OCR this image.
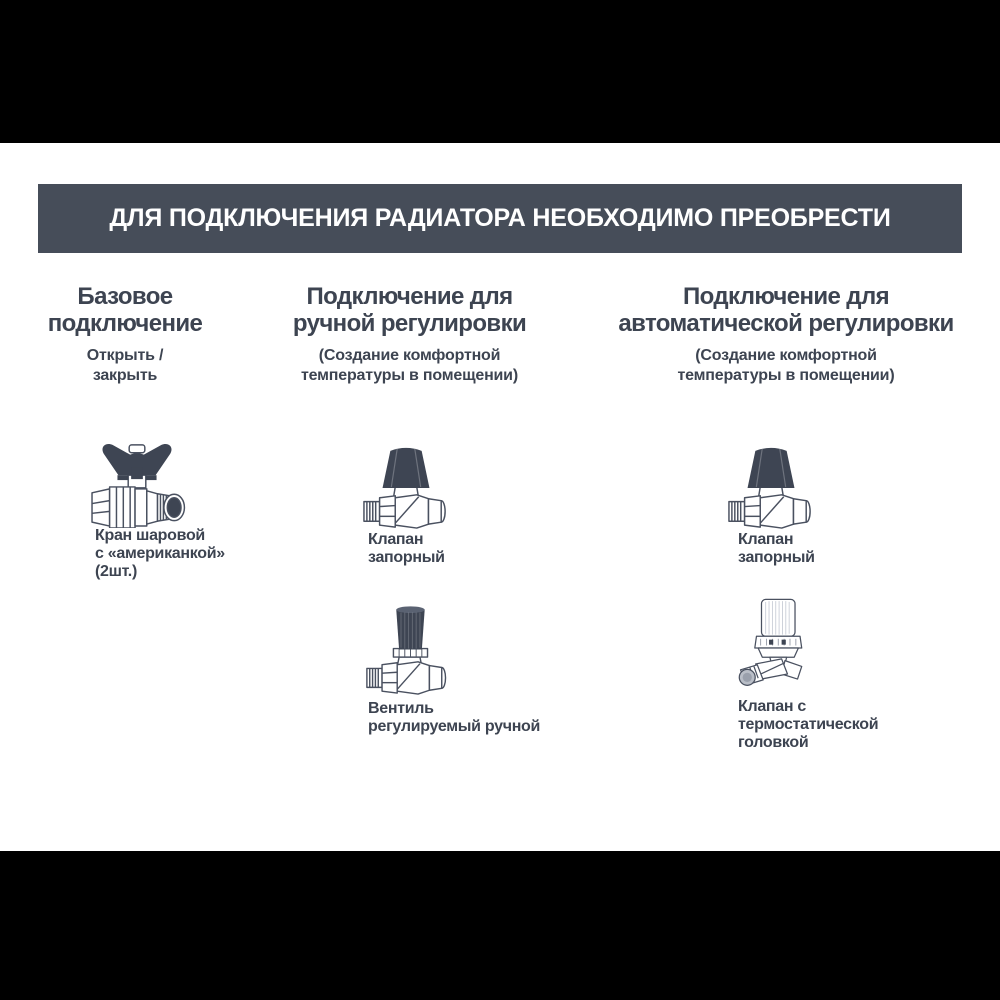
ДЛЯ ПОДКЛЮЧЕНИЯ РАДИАТОРА НЕОБХОДИМО ПРЕОБРЕСТИ
Базовое
подключение
Открыть /
закрыть
Подключение для
ручной регулировки
(Создание комфортной
температуры в помещении)
Подключение для
автоматической регулировки
(Создание комфортной
температуры в помещении)
Кран шаровой
с «американкой»
(2шт.)
Клапан
запорный
Вентиль
регулируемый ручной
Клапан
запорный
Клапан с
термостатической
головкой
